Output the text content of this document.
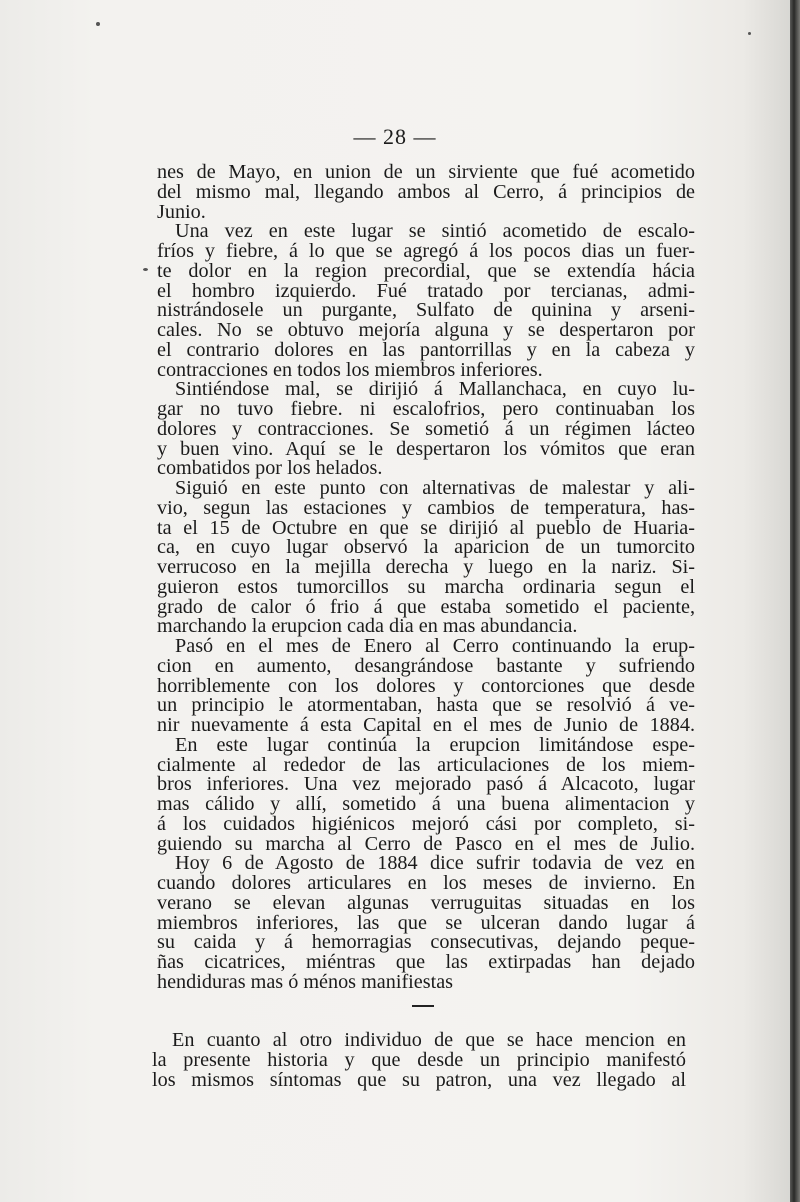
— 28 —

nes de Mayo, en union de un sirviente que fué acometido

del mismo mal, llegando ambos al Cerro, á principios de

Junio.

Una vez en este lugar se sintió acometido de escalo-

fríos y fiebre, á lo que se agregó á los pocos dias un fuer-

te dolor en la region precordial, que se extendía hácia

el hombro izquierdo. Fué tratado por tercianas, admi-

nistrándosele un purgante, Sulfato de quinina y arseni-

cales. No se obtuvo mejoría alguna y se despertaron por

el contrario dolores en las pantorrillas y en la cabeza y

contracciones en todos los miembros inferiores.

Sintiéndose mal, se dirijió á Mallanchaca, en cuyo lu-

gar no tuvo fiebre. ni escalofrios, pero continuaban los

dolores y contracciones. Se sometió á un régimen lácteo

y buen vino. Aquí se le despertaron los vómitos que eran

combatidos por los helados.

Siguió en este punto con alternativas de malestar y ali-

vio, segun las estaciones y cambios de temperatura, has-

ta el 15 de Octubre en que se dirijió al pueblo de Huaria-

ca, en cuyo lugar observó la aparicion de un tumorcito

verrucoso en la mejilla derecha y luego en la nariz. Si-

guieron estos tumorcillos su marcha ordinaria segun el

grado de calor ó frio á que estaba sometido el paciente,

marchando la erupcion cada dia en mas abundancia.

Pasó en el mes de Enero al Cerro continuando la erup-

cion en aumento, desangrándose bastante y sufriendo

horriblemente con los dolores y contorciones que desde

un principio le atormentaban, hasta que se resolvió á ve-

nir nuevamente á esta Capital en el mes de Junio de 1884.

En este lugar continúa la erupcion limitándose espe-

cialmente al rededor de las articulaciones de los miem-

bros inferiores. Una vez mejorado pasó á Alcacoto, lugar

mas cálido y allí, sometido á una buena alimentacion y

á los cuidados higiénicos mejoró cási por completo, si-

guiendo su marcha al Cerro de Pasco en el mes de Julio.

Hoy 6 de Agosto de 1884 dice sufrir todavia de vez en

cuando dolores articulares en los meses de invierno. En

verano se elevan algunas verruguitas situadas en los

miembros inferiores, las que se ulceran dando lugar á

su caida y á hemorragias consecutivas, dejando peque-

ñas cicatrices, miéntras que las extirpadas han dejado

hendiduras mas ó ménos manifiestas

En cuanto al otro individuo de que se hace mencion en

la presente historia y que desde un principio manifestó

los mismos síntomas que su patron, una vez llegado al
